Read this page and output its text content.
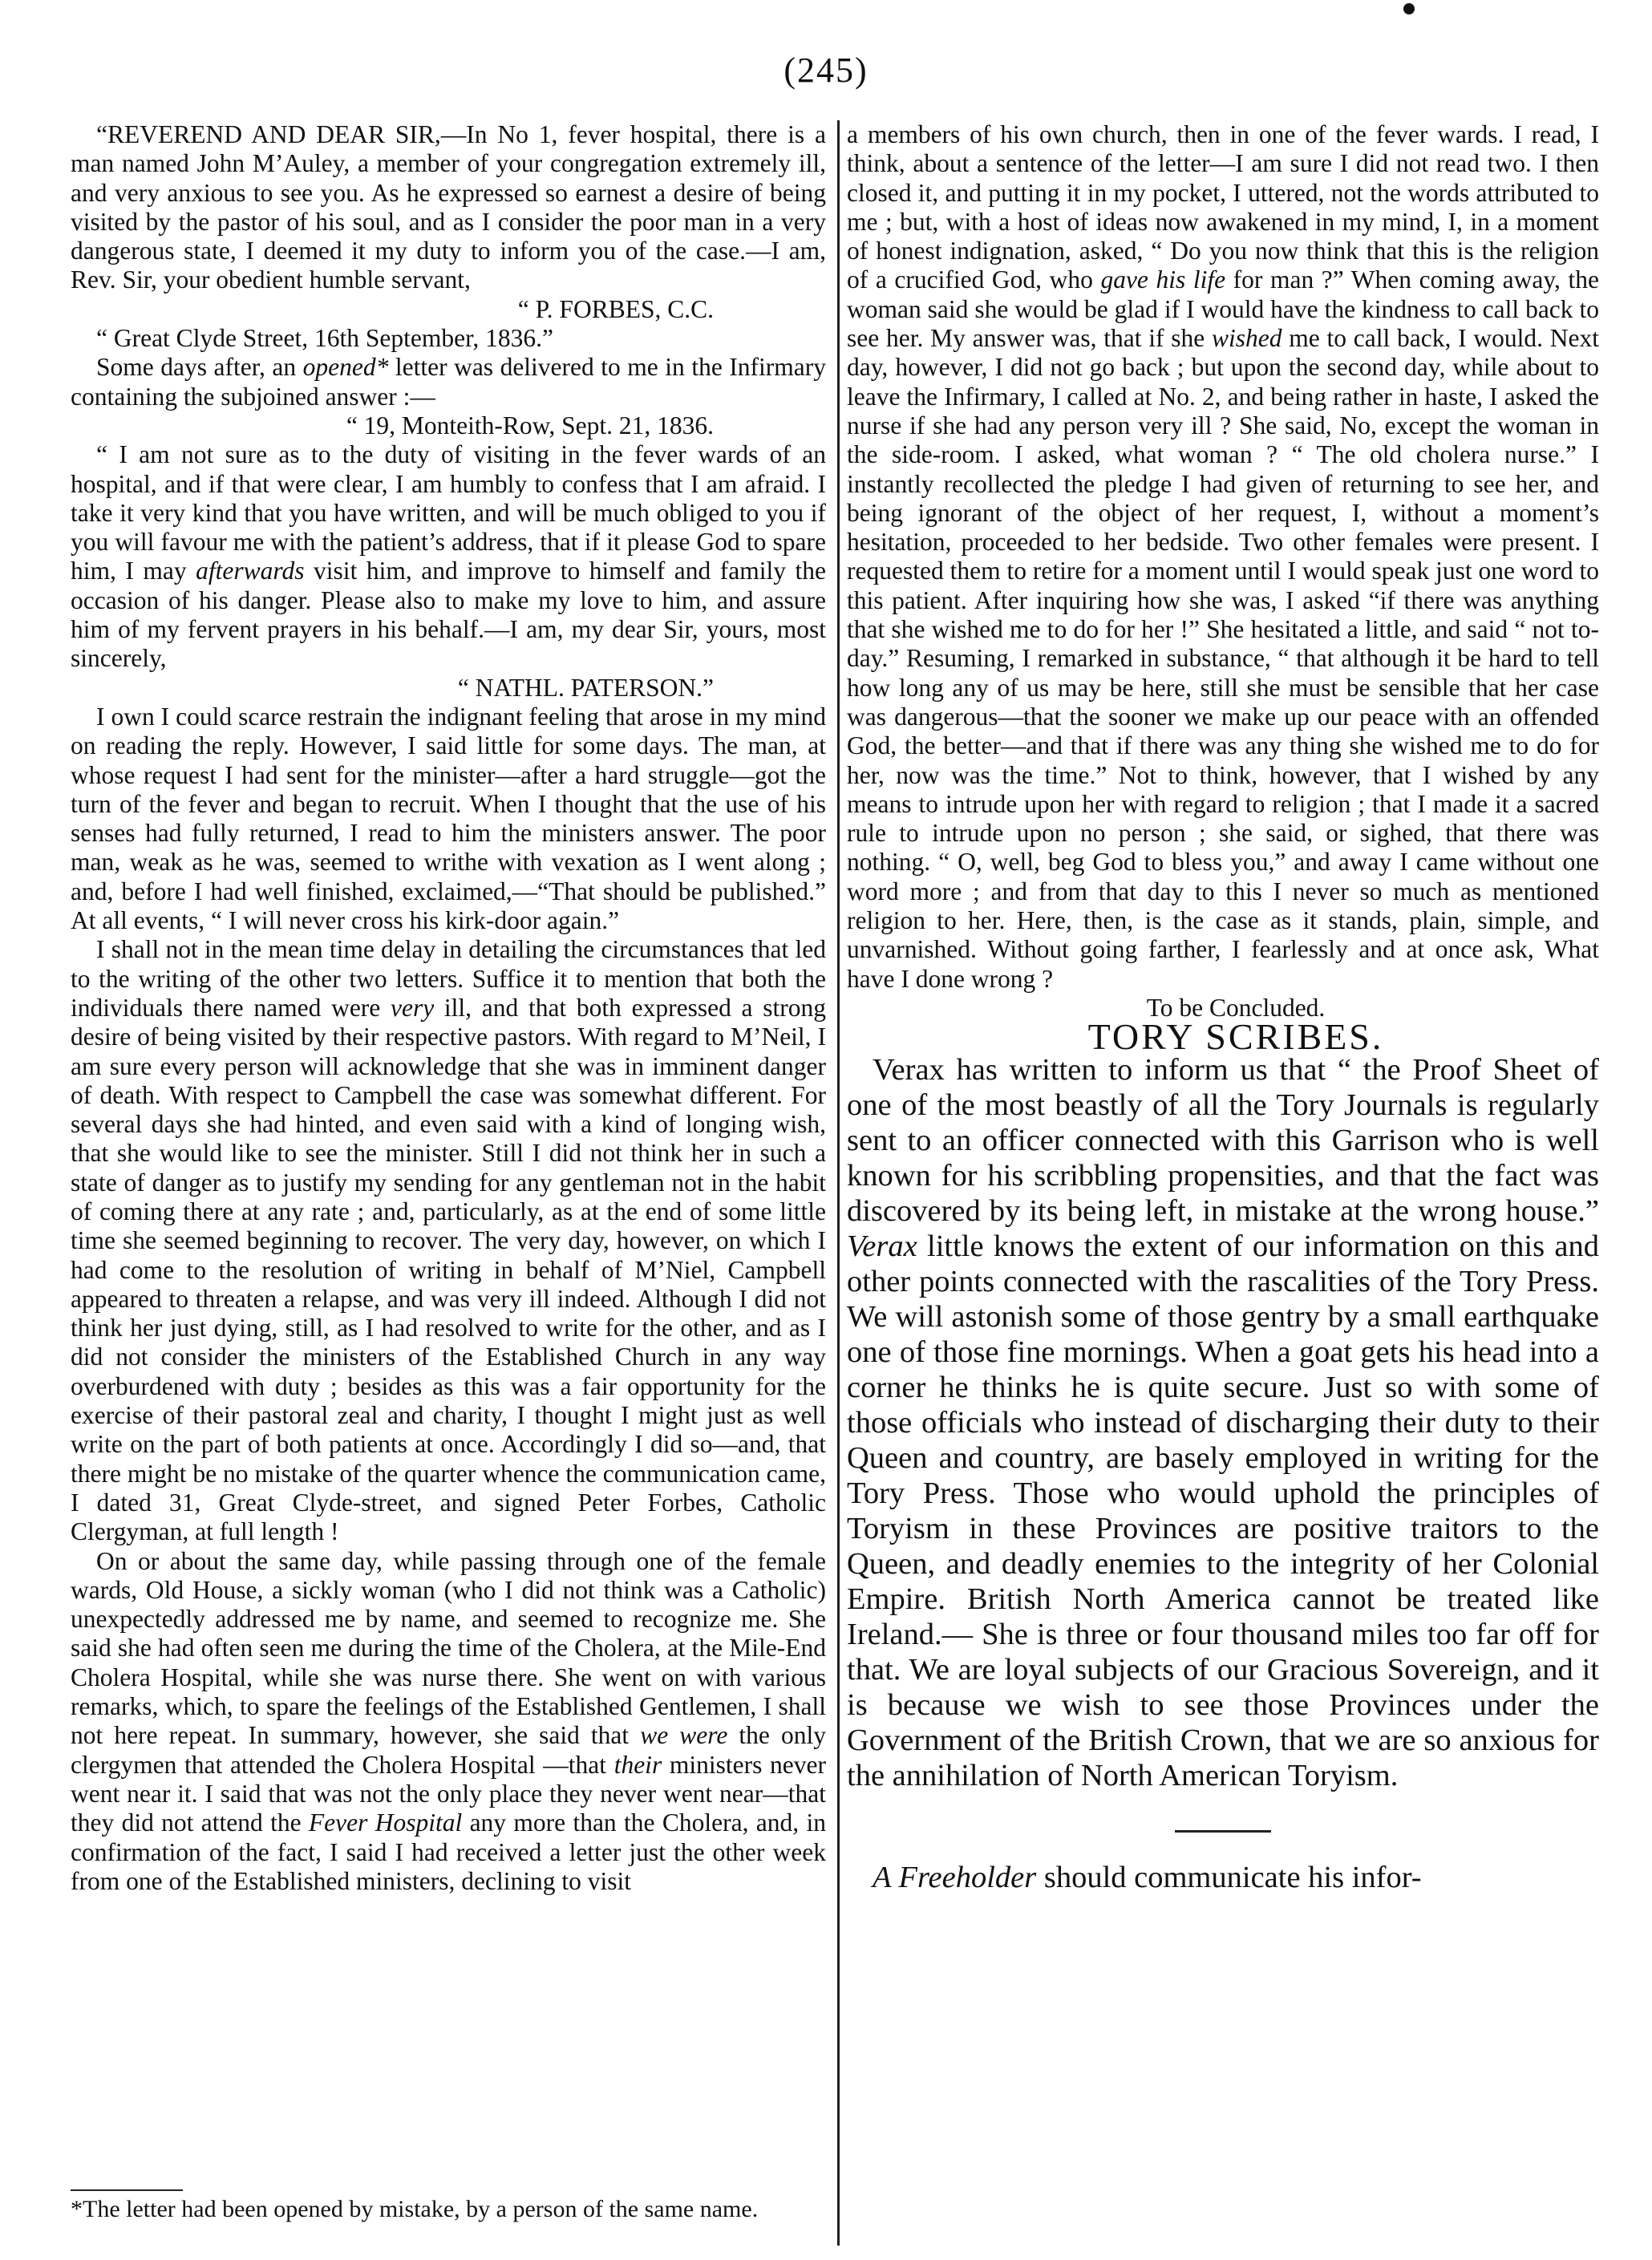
(245)

“REVEREND AND DEAR SIR,—In No 1, fever hospital, there is a man named John M’Auley, a member of your congregation extremely ill, and very anxious to see you. As he expressed so earnest a desire of being visited by the pastor of his soul, and as I consider the poor man in a very dangerous state, I deemed it my duty to inform you of the case.—I am, Rev. Sir, your obedient humble servant,

“ P. FORBES, C.C.

“ Great Clyde Street, 16th September, 1836.”

Some days after, an opened* letter was delivered to me in the Infirmary containing the subjoined answer :—

“ 19, Monteith-Row, Sept. 21, 1836.

“ I am not sure as to the duty of visiting in the fever wards of an hospital, and if that were clear, I am humbly to confess that I am afraid. I take it very kind that you have written, and will be much obliged to you if you will favour me with the patient’s address, that if it please God to spare him, I may afterwards visit him, and improve to himself and family the occasion of his danger. Please also to make my love to him, and assure him of my fervent prayers in his behalf.—I am, my dear Sir, yours, most sincerely,

“ NATHL. PATERSON.”

I own I could scarce restrain the indignant feeling that arose in my mind on reading the reply. However, I said little for some days. The man, at whose request I had sent for the minister—after a hard struggle—got the turn of the fever and began to recruit. When I thought that the use of his senses had fully returned, I read to him the ministers answer. The poor man, weak as he was, seemed to writhe with vexation as I went along ; and, before I had well finished, exclaimed,—“That should be published.” At all events, “ I will never cross his kirk-door again.”

I shall not in the mean time delay in detailing the circumstances that led to the writing of the other two letters. Suffice it to mention that both the individuals there named were very ill, and that both expressed a strong desire of being visited by their respective pastors. With regard to M’Neil, I am sure every person will acknowledge that she was in imminent danger of death. With respect to Campbell the case was somewhat different. For several days she had hinted, and even said with a kind of longing wish, that she would like to see the minister. Still I did not think her in such a state of danger as to justify my sending for any gentleman not in the habit of coming there at any rate ; and, particularly, as at the end of some little time she seemed beginning to recover. The very day, however, on which I had come to the resolution of writing in behalf of M’Niel, Campbell appeared to threaten a relapse, and was very ill indeed. Although I did not think her just dying, still, as I had resolved to write for the other, and as I did not consider the ministers of the Established Church in any way overburdened with duty ; besides as this was a fair opportunity for the exercise of their pastoral zeal and charity, I thought I might just as well write on the part of both patients at once. Accordingly I did so—and, that there might be no mistake of the quarter whence the communication came, I dated 31, Great Clyde-street, and signed Peter Forbes, Catholic Clergyman, at full length !

On or about the same day, while passing through one of the female wards, Old House, a sickly woman (who I did not think was a Catholic) unexpectedly addressed me by name, and seemed to recognize me. She said she had often seen me during the time of the Cholera, at the Mile-End Cholera Hospital, while she was nurse there. She went on with various remarks, which, to spare the feelings of the Established Gentlemen, I shall not here repeat. In summary, however, she said that we were the only clergymen that attended the Cholera Hospital —that their ministers never went near it. I said that was not the only place they never went near—that they did not attend the Fever Hospital any more than the Cholera, and, in confirmation of the fact, I said I had received a letter just the other week from one of the Established ministers, declining to visit

*The letter had been opened by mistake, by a person of the same name.

a members of his own church, then in one of the fever wards. I read, I think, about a sentence of the letter—I am sure I did not read two. I then closed it, and putting it in my pocket, I uttered, not the words attributed to me ; but, with a host of ideas now awakened in my mind, I, in a moment of honest indignation, asked, “ Do you now think that this is the religion of a crucified God, who gave his life for man ?” When coming away, the woman said she would be glad if I would have the kindness to call back to see her. My answer was, that if she wished me to call back, I would. Next day, however, I did not go back ; but upon the second day, while about to leave the Infirmary, I called at No. 2, and being rather in haste, I asked the nurse if she had any person very ill ? She said, No, except the woman in the side-room. I asked, what woman ? “ The old cholera nurse.” I instantly recollected the pledge I had given of returning to see her, and being ignorant of the object of her request, I, without a moment’s hesitation, proceeded to her bedside. Two other females were present. I requested them to retire for a moment until I would speak just one word to this patient. After inquiring how she was, I asked “if there was anything that she wished me to do for her !” She hesitated a little, and said “ not to-day.” Resuming, I remarked in substance, “ that although it be hard to tell how long any of us may be here, still she must be sensible that her case was dangerous—that the sooner we make up our peace with an offended God, the better—and that if there was any thing she wished me to do for her, now was the time.” Not to think, however, that I wished by any means to intrude upon her with regard to religion ; that I made it a sacred rule to intrude upon no person ; she said, or sighed, that there was nothing. “ O, well, beg God to bless you,” and away I came without one word more ; and from that day to this I never so much as mentioned religion to her. Here, then, is the case as it stands, plain, simple, and unvarnished. Without going farther, I fearlessly and at once ask, What have I done wrong ?

To be Concluded.

TORY SCRIBES.

Verax has written to inform us that “ the Proof Sheet of one of the most beastly of all the Tory Journals is regularly sent to an officer connected with this Garrison who is well known for his scribbling propensities, and that the fact was discovered by its being left, in mistake at the wrong house.” Verax little knows the extent of our information on this and other points connected with the rascalities of the Tory Press. We will astonish some of those gentry by a small earthquake one of those fine mornings. When a goat gets his head into a corner he thinks he is quite secure. Just so with some of those officials who instead of discharging their duty to their Queen and country, are basely employed in writing for the Tory Press. Those who would uphold the principles of Toryism in these Provinces are positive traitors to the Queen, and deadly enemies to the integrity of her Colonial Empire. British North America cannot be treated like Ireland.— She is three or four thousand miles too far off for that. We are loyal subjects of our Gracious Sovereign, and it is because we wish to see those Provinces under the Government of the British Crown, that we are so anxious for the annihilation of North American Toryism.

A Freeholder should communicate his infor-
